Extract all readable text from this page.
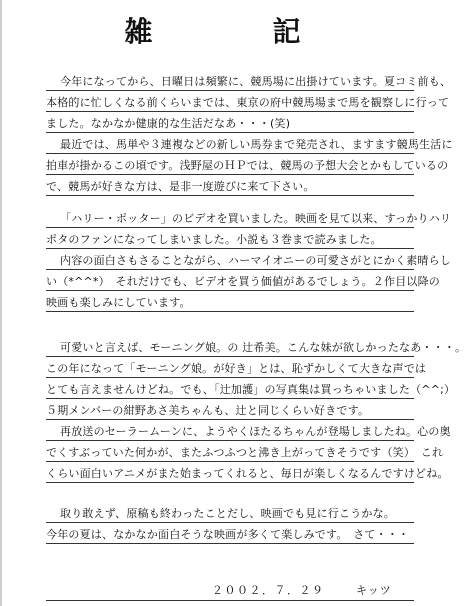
雑　記
今年になってから、日曜日は頻繁に、競馬場に出掛けています。夏コミ前も、
本格的に忙しくなる前くらいまでは、東京の府中競馬場まで馬を観察しに行って
ました。なかなか健康的な生活だなあ・・・(笑)
最近では、馬単や３連複などの新しい馬券まで発売され、ますます競馬生活に
拍車が掛かるこの頃です。浅野屋のＨＰでは、競馬の予想大会とかもしているの
で、競馬が好きな方は、是非一度遊びに来て下さい。
「ハリー・ポッター」のビデオを買いました。映画を見て以来、すっかりハリ
ポタのファンになってしまいました。小説も３巻まで読みました。
内容の面白さもさることながら、ハーマイオニーの可愛さがとにかく素晴らし
い（*^^*）　それだけでも、ビデオを買う価値があるでしょう。２作目以降の
映画も楽しみにしています。
可愛いと言えば、モーニング娘。の 辻希美。こんな妹が欲しかったなあ・・・。
この年になって「モーニング娘。が好き」とは、恥ずかしくて大きな声では
とても言えませんけどね。でも、「辻加護」の写真集は買っちゃいました（^^;）
５期メンバーの紺野あさ美ちゃんも、辻と同じくらい好きです。
再放送のセーラームーンに、ようやくほたるちゃんが登場しましたね。心の奥
でくすぶっていた何かが、またふつふつと沸き上がってきそうです（笑）　これ
くらい面白いアニメがまた始まってくれると、毎日が楽しくなるんですけどね。
取り敢えず、原稿も終わったことだし、映画でも見に行こうかな。
今年の夏は、なかなか面白そうな映画が多くて楽しみです。　さて・・・
２００２．７．２９	キッツ
